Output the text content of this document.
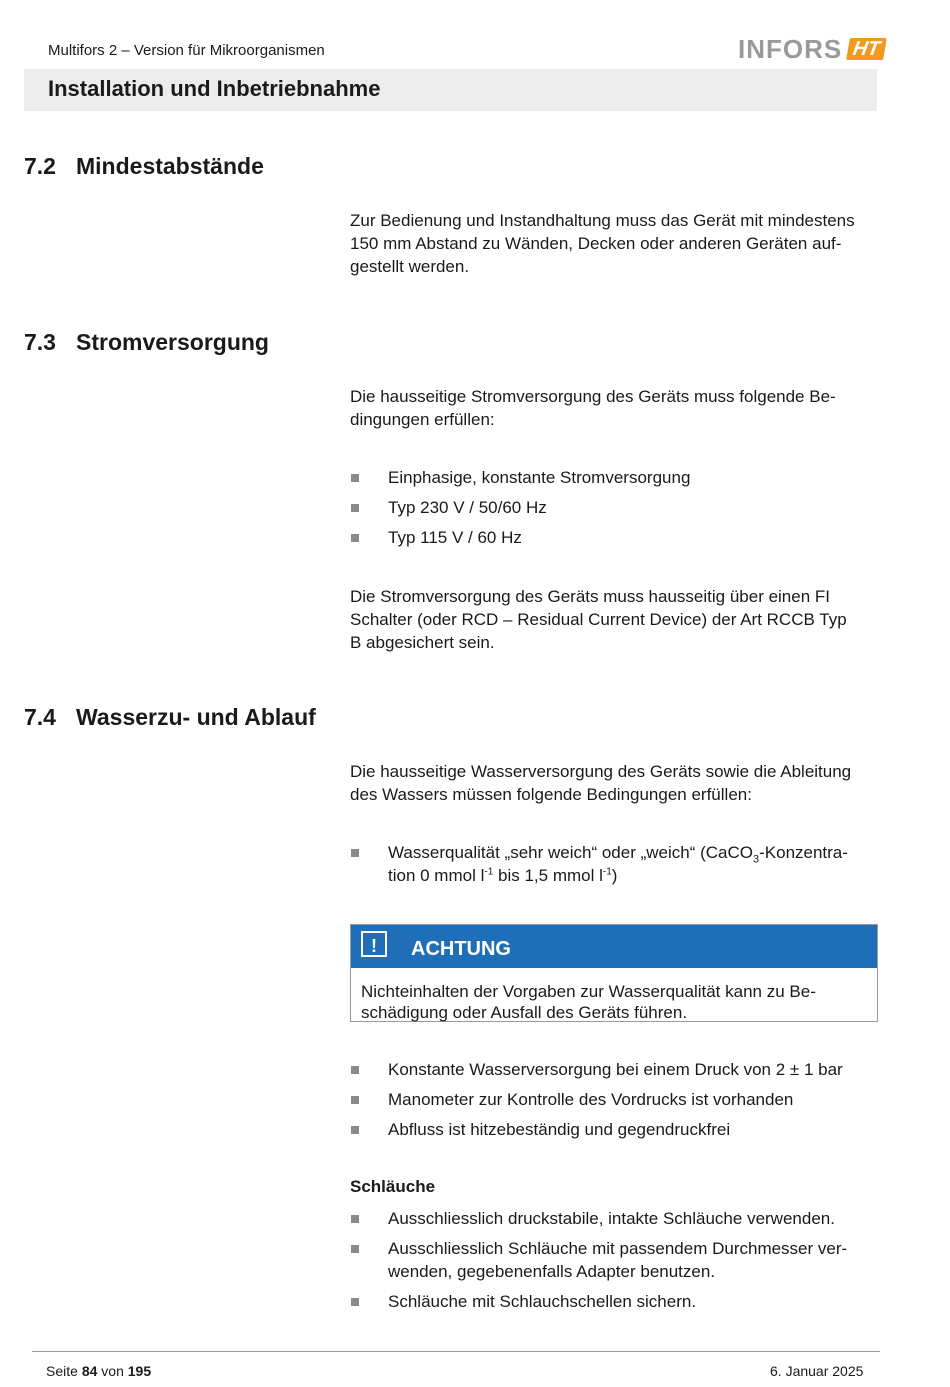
Multifors 2 – Version für Mikroorganismen	INFORS HT
Installation und Inbetriebnahme
7.2 Mindestabstände
Zur Bedienung und Instandhaltung muss das Gerät mit mindestens
150 mm Abstand zu Wänden, Decken oder anderen Geräten auf-
gestellt werden.
7.3 Stromversorgung
Die hausseitige Stromversorgung des Geräts muss folgende Be-
dingungen erfüllen:
Einphasige, konstante Stromversorgung
Typ 230 V / 50/60 Hz
Typ 115 V / 60 Hz
Die Stromversorgung des Geräts muss hausseitig über einen FI
Schalter (oder RCD – Residual Current Device) der Art RCCB Typ
B abgesichert sein.
7.4 Wasserzu- und Ablauf
Die hausseitige Wasserversorgung des Geräts sowie die Ableitung
des Wassers müssen folgende Bedingungen erfüllen:
Wasserqualität „sehr weich“ oder „weich“ (CaCO$_3$-Konzentra-
tion 0 mmol $l^{-1}$ bis 1,5 mmol $l^{-1}$)
!	ACHTUNG
Nichteinhalten der Vorgaben zur Wasserqualität kann zu Be-
schädigung oder Ausfall des Geräts führen.
Konstante Wasserversorgung bei einem Druck von 2 ± 1 bar
Manometer zur Kontrolle des Vordrucks ist vorhanden
Abfluss ist hitzebeständig und gegendruckfrei
Schläuche
Ausschliesslich druckstabile, intakte Schläuche verwenden.
Ausschliesslich Schläuche mit passendem Durchmesser ver-
wenden, gegebenenfalls Adapter benutzen.
Schläuche mit Schlauchschellen sichern.
Seite 84 von 195	6. Januar 2025
